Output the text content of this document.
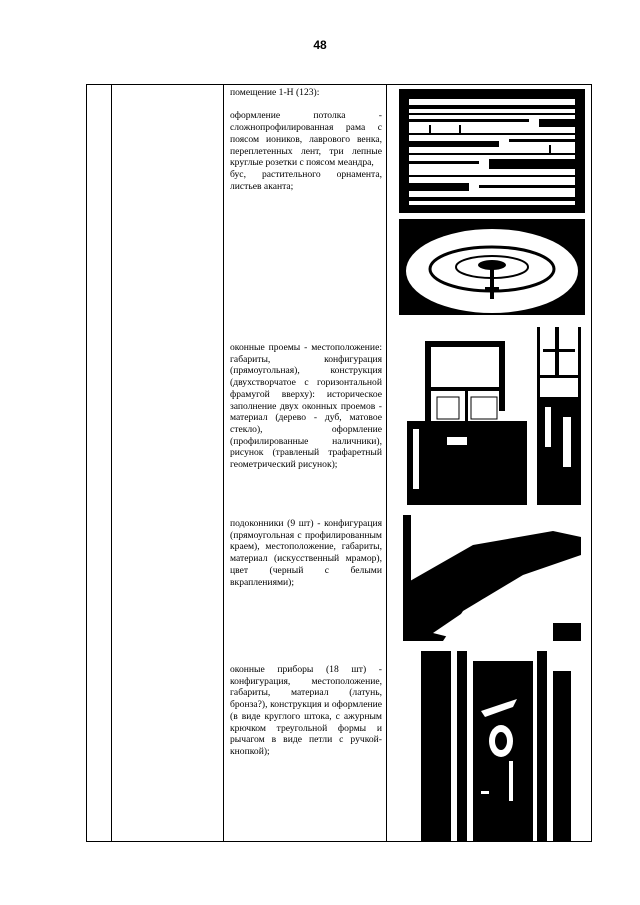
48
помещение 1-Н (123):

оформление потолка - сложнопрофилированная рама с поясом иоников, лаврового венка, переплетенных лент, три лепные круглые розетки с поясом меандра,
бус, растительного орнамента, листьев аканта;
оконные проемы - местоположение: габариты, конфигурация (прямоугольная), конструкция (двухстворчатое с горизонтальной фрамугой вверху): историческое заполнение двух оконных проемов - материал (дерево - дуб, матовое стекло), оформление (профилированные наличники), рисунок (травленый трафаретный геометрический рисунок);
подоконники (9 шт) - конфигурация (прямоугольная с профилированным краем), местоположение, габариты, материал (искусственный мрамор), цвет (черный с белыми вкраплениями);
оконные приборы (18 шт) - конфигурация, местоположение, габариты, материал (латунь, бронза?), конструкция и оформление (в виде круглого штока, с ажурным крючком треугольной формы и рычагом в виде петли с ручкой- кнопкой);
